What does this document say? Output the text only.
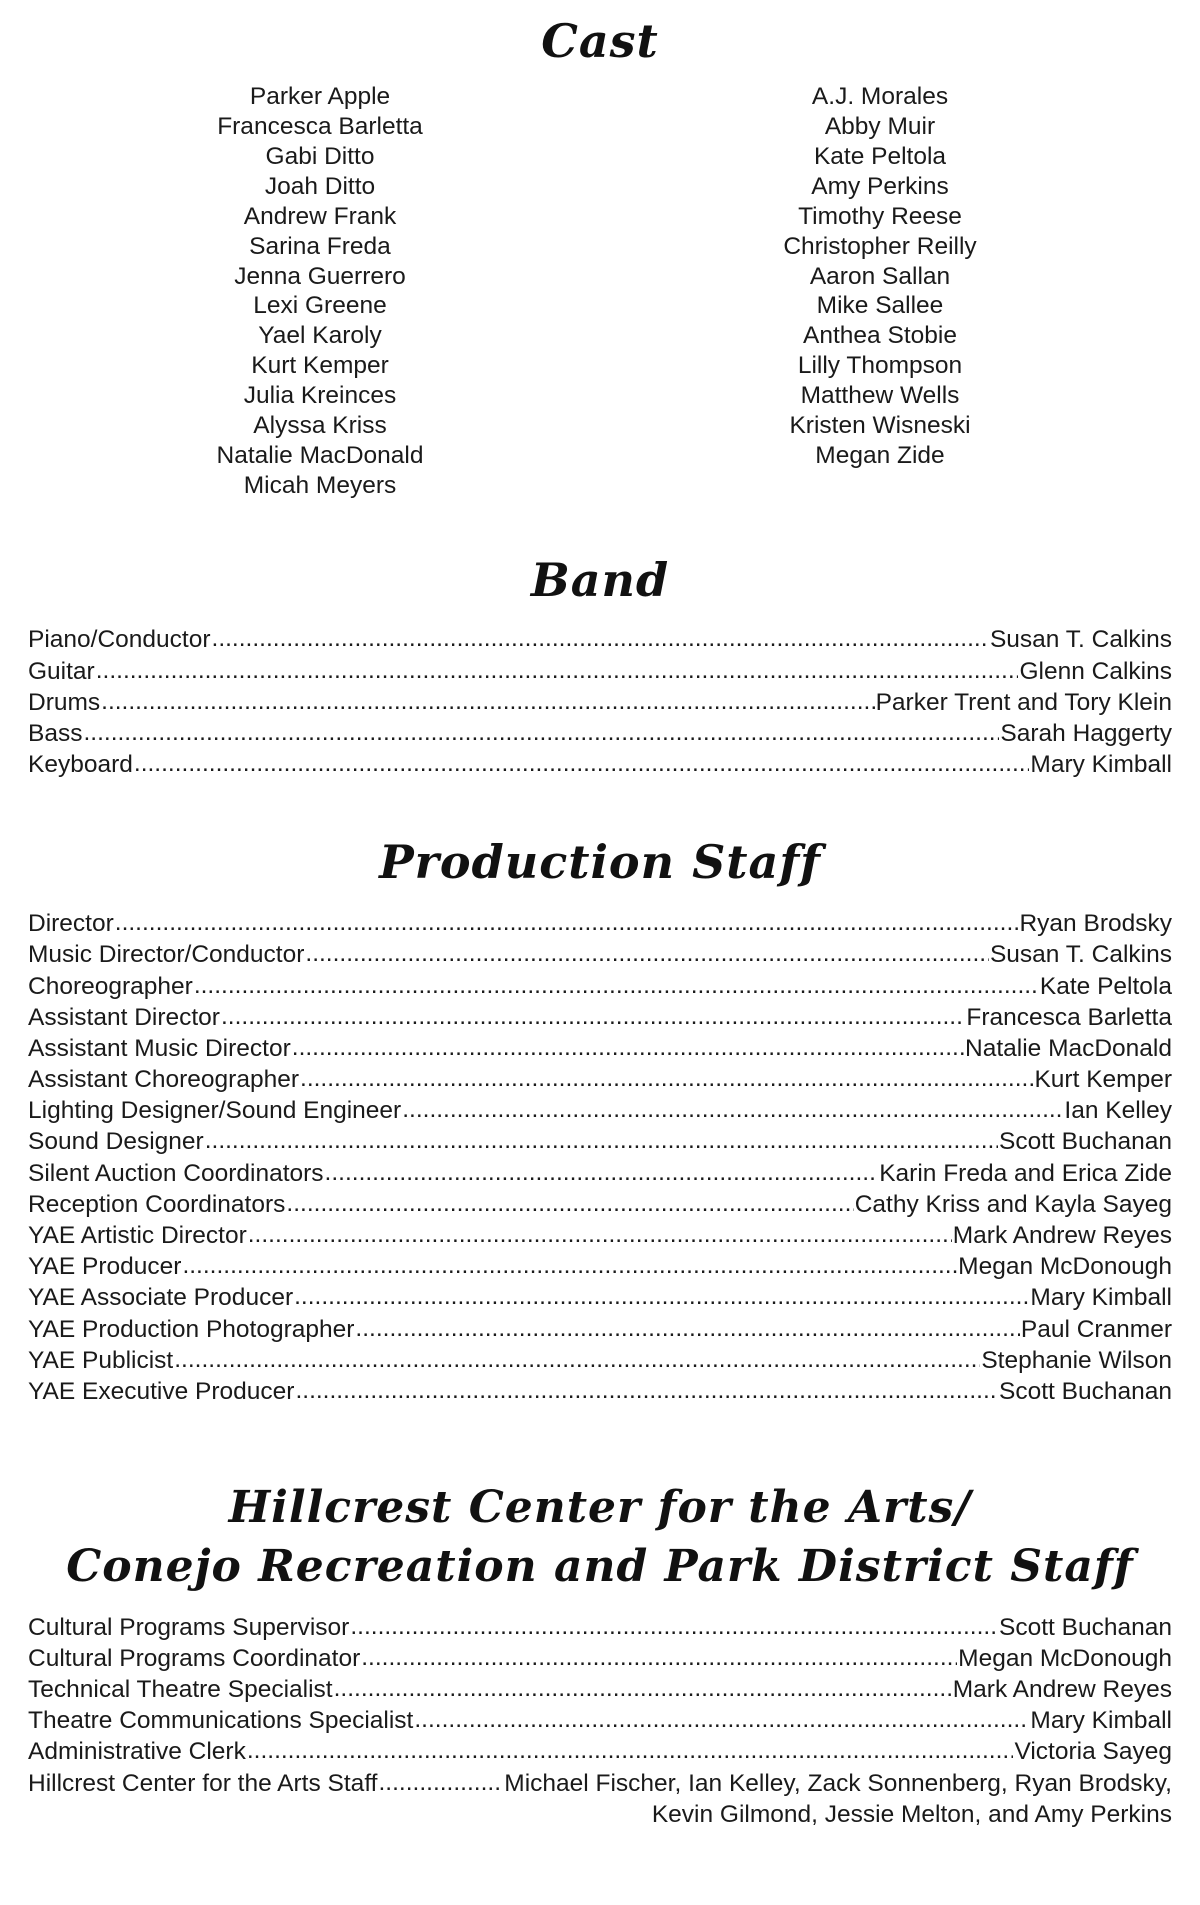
Cast
Parker Apple
Francesca Barletta
Gabi Ditto
Joah Ditto
Andrew Frank
Sarina Freda
Jenna Guerrero
Lexi Greene
Yael Karoly
Kurt Kemper
Julia Kreinces
Alyssa Kriss
Natalie MacDonald
Micah Meyers
A.J. Morales
Abby Muir
Kate Peltola
Amy Perkins
Timothy Reese
Christopher Reilly
Aaron Sallan
Mike Sallee
Anthea Stobie
Lilly Thompson
Matthew Wells
Kristen Wisneski
Megan Zide
Band
Piano/Conductor .....	Susan T. Calkins
Guitar .....	Glenn Calkins
Drums .....	Parker Trent and Tory Klein
Bass .....	Sarah Haggerty
Keyboard .....	Mary Kimball
Production Staff
Director .....	Ryan Brodsky
Music Director/Conductor .....	Susan T. Calkins
Choreographer .....	Kate Peltola
Assistant Director .....	Francesca Barletta
Assistant Music Director .....	Natalie MacDonald
Assistant Choreographer .....	Kurt Kemper
Lighting Designer/Sound Engineer .....	Ian Kelley
Sound Designer .....	Scott Buchanan
Silent Auction Coordinators .....	Karin Freda and Erica Zide
Reception Coordinators .....	Cathy Kriss and Kayla Sayeg
YAE Artistic Director .....	Mark Andrew Reyes
YAE Producer .....	Megan McDonough
YAE Associate Producer .....	Mary Kimball
YAE Production Photographer .....	Paul Cranmer
YAE Publicist .....	Stephanie Wilson
YAE Executive Producer .....	Scott Buchanan
Hillcrest Center for the Arts/
Conejo Recreation and Park District Staff
Cultural Programs Supervisor .....	Scott Buchanan
Cultural Programs Coordinator .....	Megan McDonough
Technical Theatre Specialist .....	Mark Andrew Reyes
Theatre Communications Specialist .....	Mary Kimball
Administrative Clerk .....	Victoria Sayeg
Hillcrest Center for the Arts Staff .....	Michael Fischer, Ian Kelley, Zack Sonnenberg, Ryan Brodsky,
Kevin Gilmond, Jessie Melton, and Amy Perkins
